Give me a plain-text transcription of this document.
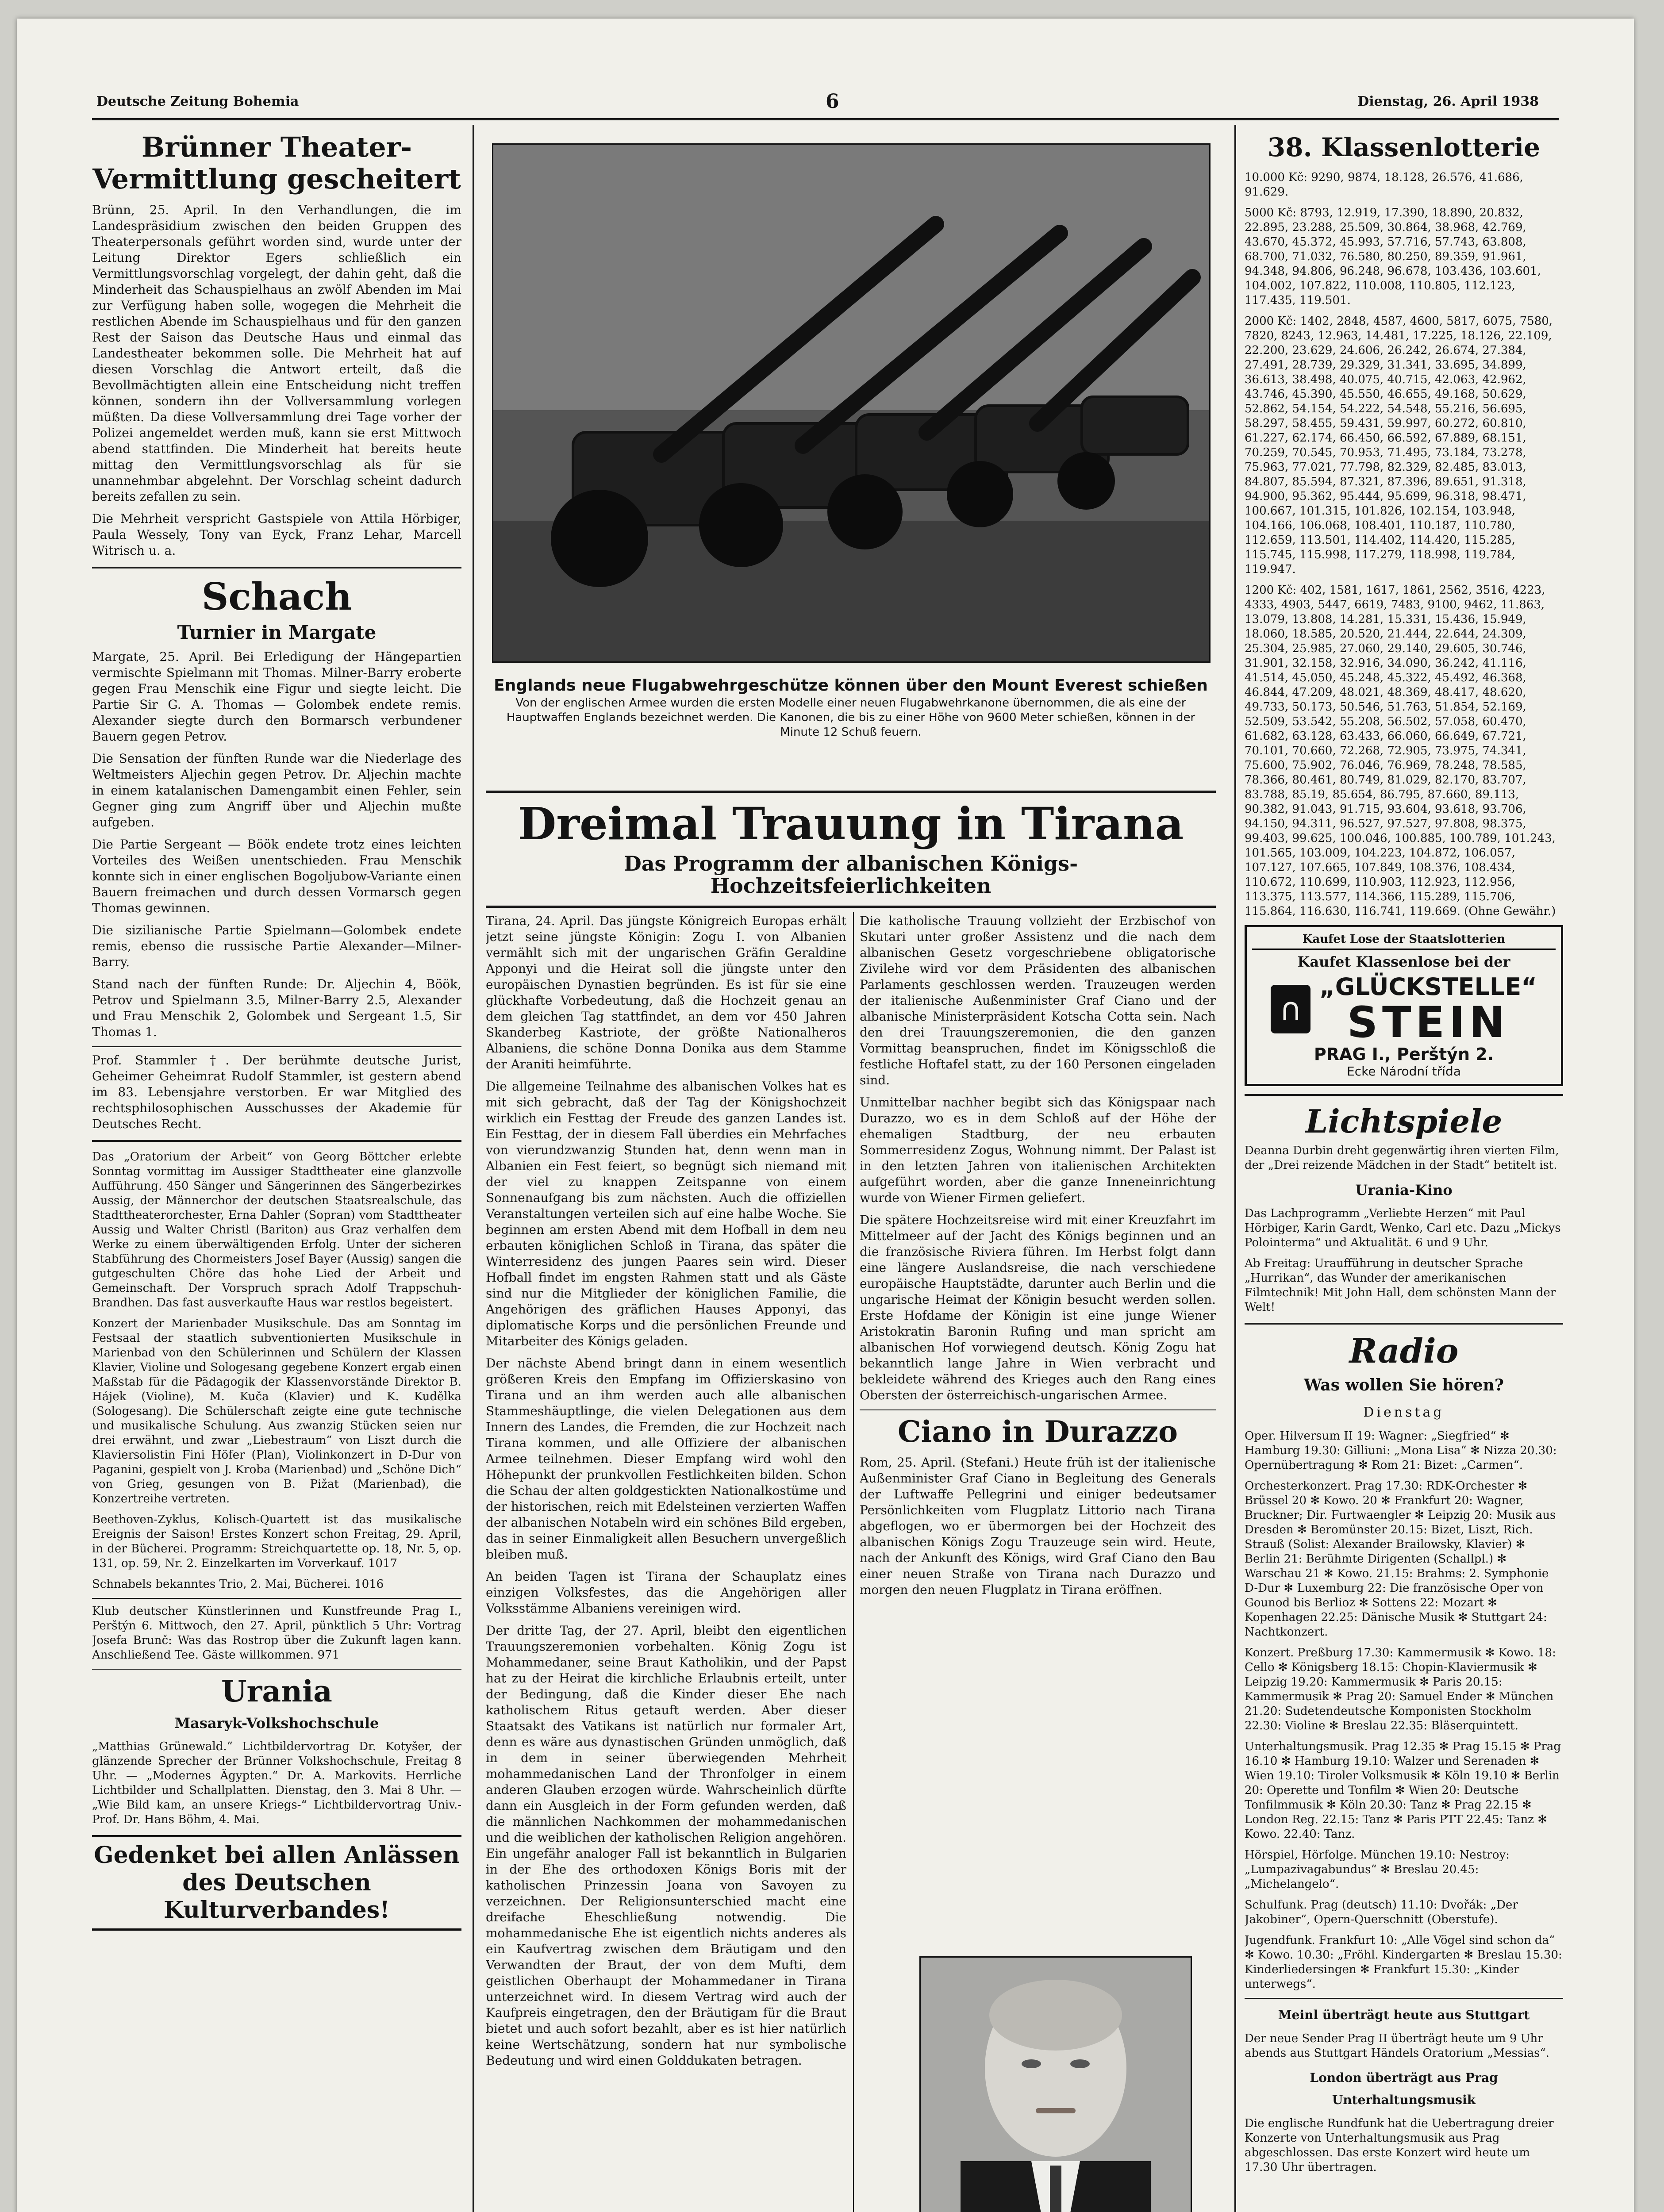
Deutsche Zeitung Bohemia	6	Dienstag, 26. April 1938
Brünner Theater-Vermittlung gescheitert

Brünn, 25. April. In den Verhandlungen, die im Landespräsidium zwischen den beiden Gruppen des Theaterpersonals geführt worden sind, wurde unter der Leitung Direktor Egers schließlich ein Vermittlungsvorschlag vorgelegt, der dahin geht, daß die Minderheit das Schauspielhaus an zwölf Abenden im Mai zur Verfügung haben solle, wogegen die Mehrheit die restlichen Abende im Schauspielhaus und für den ganzen Rest der Saison das Deutsche Haus und einmal das Landestheater bekommen solle. Die Mehrheit hat auf diesen Vorschlag die Antwort erteilt, daß die Bevollmächtigten allein eine Entscheidung nicht treffen können, sondern ihn der Vollversammlung vorlegen müßten. Da diese Vollversammlung drei Tage vorher der Polizei angemeldet werden muß, kann sie erst Mittwoch abend stattfinden. Die Minderheit hat bereits heute mittag den Vermittlungsvorschlag als für sie unannehmbar abgelehnt. Der Vorschlag scheint dadurch bereits zefallen zu sein.

Die Mehrheit verspricht Gastspiele von Attila Hörbiger, Paula Wessely, Tony van Eyck, Franz Lehar, Marcell Witrisch u. a.

Schach
Turnier in Margate

Margate, 25. April. Bei Erledigung der Hängepartien vermischte Spielmann mit Thomas. Milner-Barry eroberte gegen Frau Menschik eine Figur und siegte leicht. Die Partie Sir G. A. Thomas — Golombek endete remis. Alexander siegte durch den Bormarsch verbundener Bauern gegen Petrov.

Die Sensation der fünften Runde war die Niederlage des Weltmeisters Aljechin gegen Petrov. Dr. Aljechin machte in einem katalanischen Damengambit einen Fehler, sein Gegner ging zum Angriff über und Aljechin mußte aufgeben.

Die Partie Sergeant — Böök endete trotz eines leichten Vorteiles des Weißen unentschieden. Frau Menschik konnte sich in einer englischen Bogoljubow-Variante einen Bauern freimachen und durch dessen Vormarsch gegen Thomas gewinnen.

Die sizilianische Partie Spielmann—Golombek endete remis, ebenso die russische Partie Alexander—Milner-Barry.

Stand nach der fünften Runde: Dr. Aljechin 4, Böök, Petrov und Spielmann 3.5, Milner-Barry 2.5, Alexander und Frau Menschik 2, Golombek und Sergeant 1.5, Sir Thomas 1.

Prof. Stammler †. Der berühmte deutsche Jurist, Geheimer Geheimrat Rudolf Stammler, ist gestern abend im 83. Lebensjahre verstorben. Er war Mitglied des rechtsphilosophischen Ausschusses der Akademie für Deutsches Recht.

Das „Oratorium der Arbeit“ von Georg Böttcher erlebte Sonntag vormittag im Aussiger Stadttheater eine glanzvolle Aufführung. 450 Sänger und Sängerinnen des Sängerbezirkes Aussig, der Männerchor der deutschen Staatsrealschule, das Stadttheaterorchester, Erna Dahler (Sopran) vom Stadttheater Aussig und Walter Christl (Bariton) aus Graz verhalfen dem Werke zu einem überwältigenden Erfolg. Unter der sicheren Stabführung des Chormeisters Josef Bayer (Aussig) sangen die gutgeschulten Chöre das hohe Lied der Arbeit und Gemeinschaft. Der Vorspruch sprach Adolf Trappschuh-Brandhen. Das fast ausverkaufte Haus war restlos begeistert.

Konzert der Marienbader Musikschule. Das am Sonntag im Festsaal der staatlich subventionierten Musikschule in Marienbad von den Schülerinnen und Schülern der Klassen Klavier, Violine und Sologesang gegebene Konzert ergab einen Maßstab für die Pädagogik der Klassenvorstände Direktor B. Hájek (Violine), M. Kuča (Klavier) und K. Kudělka (Sologesang). Die Schülerschaft zeigte eine gute technische und musikalische Schulung. Aus zwanzig Stücken seien nur drei erwähnt, und zwar „Liebestraum“ von Liszt durch die Klaviersolistin Fini Höfer (Plan), Violinkonzert in D-Dur von Paganini, gespielt von J. Kroba (Marienbad) und „Schöne Dich“ von Grieg, gesungen von B. Pižat (Marienbad), die Konzertreihe vertreten.

Beethoven-Zyklus, Kolisch-Quartett ist das musikalische Ereignis der Saison! Erstes Konzert schon Freitag, 29. April, in der Bücherei. Programm: Streichquartette op. 18, Nr. 5, op. 131, op. 59, Nr. 2. Einzelkarten im Vorverkauf. 1017

Schnabels bekanntes Trio, 2. Mai, Bücherei. 1016

Klub deutscher Künstlerinnen und Kunstfreunde Prag I., Perštýn 6. Mittwoch, den 27. April, pünktlich 5 Uhr: Vortrag Josefa Brunč: Was das Rostrop über die Zukunft lagen kann. Anschließend Tee. Gäste willkommen. 971

Urania
Masaryk-Volkshochschule

„Matthias Grünewald.“ Lichtbildervortrag Dr. Kotyšer, der glänzende Sprecher der Brünner Volkshochschule, Freitag 8 Uhr. — „Modernes Ägypten.“ Dr. A. Markovits. Herrliche Lichtbilder und Schallplatten. Dienstag, den 3. Mai 8 Uhr. — „Wie Bild kam, an unsere Kriegs-“ Lichtbildervortrag Univ.-Prof. Dr. Hans Böhm, 4. Mai.

Gedenket bei allen Anlässen des Deutschen Kulturverbandes!

Englands neue Flugabwehrgeschütze können über den Mount Everest schießen

Von der englischen Armee wurden die ersten Modelle einer neuen Flugabwehrkanone übernommen, die als eine der Hauptwaffen Englands bezeichnet werden. Die Kanonen, die bis zu einer Höhe von 9600 Meter schießen, können in der Minute 12 Schuß feuern.

Dreimal Trauung in Tirana
Das Programm der albanischen Königs-Hochzeitsfeierlichkeiten

Tirana, 24. April. Das jüngste Königreich Europas erhält jetzt seine jüngste Königin: Zogu I. von Albanien vermählt sich mit der ungarischen Gräfin Geraldine Apponyi und die Heirat soll die jüngste unter den europäischen Dynastien begründen. Es ist für sie eine glückhafte Vorbedeutung, daß die Hochzeit genau an dem gleichen Tag stattfindet, an dem vor 450 Jahren Skanderbeg Kastriote, der größte Nationalheros Albaniens, die schöne Donna Donika aus dem Stamme der Araniti heimführte.

Die allgemeine Teilnahme des albanischen Volkes hat es mit sich gebracht, daß der Tag der Königshochzeit wirklich ein Festtag der Freude des ganzen Landes ist. Ein Festtag, der in diesem Fall überdies ein Mehrfaches von vierundzwanzig Stunden hat, denn wenn man in Albanien ein Fest feiert, so begnügt sich niemand mit der viel zu knappen Zeitspanne von einem Sonnenaufgang bis zum nächsten. Auch die offiziellen Veranstaltungen verteilen sich auf eine halbe Woche. Sie beginnen am ersten Abend mit dem Hofball in dem neu erbauten königlichen Schloß in Tirana, das später die Winterresidenz des jungen Paares sein wird. Dieser Hofball findet im engsten Rahmen statt und als Gäste sind nur die Mitglieder der königlichen Familie, die Angehörigen des gräflichen Hauses Apponyi, das diplomatische Korps und die persönlichen Freunde und Mitarbeiter des Königs geladen.

Der nächste Abend bringt dann in einem wesentlich größeren Kreis den Empfang im Offizierskasino von Tirana und an ihm werden auch alle albanischen Stammeshäuptlinge, die vielen Delegationen aus dem Innern des Landes, die Fremden, die zur Hochzeit nach Tirana kommen, und alle Offiziere der albanischen Armee teilnehmen. Dieser Empfang wird wohl den Höhepunkt der prunkvollen Festlichkeiten bilden. Schon die Schau der alten goldgestickten Nationalkostüme und der historischen, reich mit Edelsteinen verzierten Waffen der albanischen Notabeln wird ein schönes Bild ergeben, das in seiner Einmaligkeit allen Besuchern unvergeßlich bleiben muß.

An beiden Tagen ist Tirana der Schauplatz eines einzigen Volksfestes, das die Angehörigen aller Volksstämme Albaniens vereinigen wird.

Der dritte Tag, der 27. April, bleibt den eigentlichen Trauungszeremonien vorbehalten. König Zogu ist Mohammedaner, seine Braut Katholikin, und der Papst hat zu der Heirat die kirchliche Erlaubnis erteilt, unter der Bedingung, daß die Kinder dieser Ehe nach katholischem Ritus getauft werden. Aber dieser Staatsakt des Vatikans ist natürlich nur formaler Art, denn es wäre aus dynastischen Gründen unmöglich, daß in dem in seiner überwiegenden Mehrheit mohammedanischen Land der Thronfolger in einem anderen Glauben erzogen würde. Wahrscheinlich dürfte dann ein Ausgleich in der Form gefunden werden, daß die männlichen Nachkommen der mohammedanischen und die weiblichen der katholischen Religion angehören. Ein ungefähr analoger Fall ist bekanntlich in Bulgarien in der Ehe des orthodoxen Königs Boris mit der katholischen Prinzessin Joana von Savoyen zu verzeichnen. Der Religionsunterschied macht eine dreifache Eheschließung notwendig. Die mohammedanische Ehe ist eigentlich nichts anderes als ein Kaufvertrag zwischen dem Bräutigam und den Verwandten der Braut, der von dem Mufti, dem geistlichen Oberhaupt der Mohammedaner in Tirana unterzeichnet wird. In diesem Vertrag wird auch der Kaufpreis eingetragen, den der Bräutigam für die Braut bietet und auch sofort bezahlt, aber es ist hier natürlich keine Wertschätzung, sondern hat nur symbolische Bedeutung und wird einen Golddukaten betragen.

Die katholische Trauung vollzieht der Erzbischof von Skutari unter großer Assistenz und die nach dem albanischen Gesetz vorgeschriebene obligatorische Zivilehe wird vor dem Präsidenten des albanischen Parlaments geschlossen werden. Trauzeugen werden der italienische Außenminister Graf Ciano und der albanische Ministerpräsident Kotscha Cotta sein. Nach den drei Trauungszeremonien, die den ganzen Vormittag beanspruchen, findet im Königsschloß die festliche Hoftafel statt, zu der 160 Personen eingeladen sind.

Unmittelbar nachher begibt sich das Königspaar nach Durazzo, wo es in dem Schloß auf der Höhe der ehemaligen Stadtburg, der neu erbauten Sommerresidenz Zogus, Wohnung nimmt. Der Palast ist in den letzten Jahren von italienischen Architekten aufgeführt worden, aber die ganze Inneneinrichtung wurde von Wiener Firmen geliefert.

Die spätere Hochzeitsreise wird mit einer Kreuzfahrt im Mittelmeer auf der Jacht des Königs beginnen und an die französische Riviera führen. Im Herbst folgt dann eine längere Auslandsreise, die nach verschiedene europäische Hauptstädte, darunter auch Berlin und die ungarische Heimat der Königin besucht werden sollen. Erste Hofdame der Königin ist eine junge Wiener Aristokratin Baronin Rufing und man spricht am albanischen Hof vorwiegend deutsch. König Zogu hat bekanntlich lange Jahre in Wien verbracht und bekleidete während des Krieges auch den Rang eines Obersten der österreichisch-ungarischen Armee.

Ciano in Durazzo

Rom, 25. April. (Stefani.) Heute früh ist der italienische Außenminister Graf Ciano in Begleitung des Generals der Luftwaffe Pellegrini und einiger bedeutsamer Persönlichkeiten vom Flugplatz Littorio nach Tirana abgeflogen, wo er übermorgen bei der Hochzeit des albanischen Königs Zogu Trauzeuge sein wird. Heute, nach der Ankunft des Königs, wird Graf Ciano den Bau einer neuen Straße von Tirana nach Durazzo und morgen den neuen Flugplatz in Tirana eröffnen.

38. Klassenlotterie

10.000 Kč: 9290, 9874, 18.128, 26.576, 41.686, 91.629.

5000 Kč: 8793, 12.919, 17.390, 18.890, 20.832, 22.895, 23.288, 25.509, 30.864, 38.968, 42.769, 43.670, 45.372, 45.993, 57.716, 57.743, 63.808, 68.700, 71.032, 76.580, 80.250, 89.359, 91.961, 94.348, 94.806, 96.248, 96.678, 103.436, 103.601, 104.002, 107.822, 110.008, 110.805, 112.123, 117.435, 119.501.

2000 Kč: 1402, 2848, 4587, 4600, 5817, 6075, 7580, 7820, 8243, 12.963, 14.481, 17.225, 18.126, 22.109, 22.200, 23.629, 24.606, 26.242, 26.674, 27.384, 27.491, 28.739, 29.329, 31.341, 33.695, 34.899, 36.613, 38.498, 40.075, 40.715, 42.063, 42.962, 43.746, 45.390, 45.550, 46.655, 49.168, 50.629, 52.862, 54.154, 54.222, 54.548, 55.216, 56.695, 58.297, 58.455, 59.431, 59.997, 60.272, 60.810, 61.227, 62.174, 66.450, 66.592, 67.889, 68.151, 70.259, 70.545, 70.953, 71.495, 73.184, 73.278, 75.963, 77.021, 77.798, 82.329, 82.485, 83.013, 84.807, 85.594, 87.321, 87.396, 89.651, 91.318, 94.900, 95.362, 95.444, 95.699, 96.318, 98.471, 100.667, 101.315, 101.826, 102.154, 103.948, 104.166, 106.068, 108.401, 110.187, 110.780, 112.659, 113.501, 114.402, 114.420, 115.285, 115.745, 115.998, 117.279, 118.998, 119.784, 119.947.

1200 Kč: 402, 1581, 1617, 1861, 2562, 3516, 4223, 4333, 4903, 5447, 6619, 7483, 9100, 9462, 11.863, 13.079, 13.808, 14.281, 15.331, 15.436, 15.949, 18.060, 18.585, 20.520, 21.444, 22.644, 24.309, 25.304, 25.985, 27.060, 29.140, 29.605, 30.746, 31.901, 32.158, 32.916, 34.090, 36.242, 41.116, 41.514, 45.050, 45.248, 45.322, 45.492, 46.368, 46.844, 47.209, 48.021, 48.369, 48.417, 48.620, 49.733, 50.173, 50.546, 51.763, 51.854, 52.169, 52.509, 53.542, 55.208, 56.502, 57.058, 60.470, 61.682, 63.128, 63.433, 66.060, 66.649, 67.721, 70.101, 70.660, 72.268, 72.905, 73.975, 74.341, 75.600, 75.902, 76.046, 76.969, 78.248, 78.585, 78.366, 80.461, 80.749, 81.029, 82.170, 83.707, 83.788, 85.19, 85.654, 86.795, 87.660, 89.113, 90.382, 91.043, 91.715, 93.604, 93.618, 93.706, 94.150, 94.311, 96.527, 97.527, 97.808, 98.375, 99.403, 99.625, 100.046, 100.885, 100.789, 101.243, 101.565, 103.009, 104.223, 104.872, 106.057, 107.127, 107.665, 107.849, 108.376, 108.434, 110.672, 110.699, 110.903, 112.923, 112.956, 113.375, 113.577, 114.366, 115.289, 115.706, 115.864, 116.630, 116.741, 119.669. (Ohne Gewähr.)

Kaufet Lose der Staatslotterien
Kaufet Klassenlose bei der
∩
„GLÜCKSTELLE“
STEIN
PRAG I., Perštýn 2.
Ecke Národní třída
Lichtspiele

Deanna Durbin dreht gegenwärtig ihren vierten Film, der „Drei reizende Mädchen in der Stadt“ betitelt ist.

Urania-Kino

Das Lachprogramm „Verliebte Herzen“ mit Paul Hörbiger, Karin Gardt, Wenko, Carl etc. Dazu „Mickys Polointerma“ und Aktualität. 6 und 9 Uhr.

Ab Freitag: Uraufführung in deutscher Sprache „Hurrikan“, das Wunder der amerikanischen Filmtechnik! Mit John Hall, dem schönsten Mann der Welt!

Radio
Was wollen Sie hören?
Dienstag

Oper. Hilversum II 19: Wagner: „Siegfried“ ✻ Hamburg 19.30: Gilliuni: „Mona Lisa“ ✻ Nizza 20.30: Opernübertragung ✻ Rom 21: Bizet: „Carmen“.

Orchesterkonzert. Prag 17.30: RDK-Orchester ✻ Brüssel 20 ✻ Kowo. 20 ✻ Frankfurt 20: Wagner, Bruckner; Dir. Furtwaengler ✻ Leipzig 20: Musik aus Dresden ✻ Beromünster 20.15: Bizet, Liszt, Rich. Strauß (Solist: Alexander Brailowsky, Klavier) ✻ Berlin 21: Berühmte Dirigenten (Schallpl.) ✻ Warschau 21 ✻ Kowo. 21.15: Brahms: 2. Symphonie D-Dur ✻ Luxemburg 22: Die französische Oper von Gounod bis Berlioz ✻ Sottens 22: Mozart ✻ Kopenhagen 22.25: Dänische Musik ✻ Stuttgart 24: Nachtkonzert.

Konzert. Preßburg 17.30: Kammermusik ✻ Kowo. 18: Cello ✻ Königsberg 18.15: Chopin-Klaviermusik ✻ Leipzig 19.20: Kammermusik ✻ Paris 20.15: Kammermusik ✻ Prag 20: Samuel Ender ✻ München 21.20: Sudetendeutsche Komponisten Stockholm 22.30: Violine ✻ Breslau 22.35: Bläserquintett.

Unterhaltungsmusik. Prag 12.35 ✻ Prag 15.15 ✻ Prag 16.10 ✻ Hamburg 19.10: Walzer und Serenaden ✻ Wien 19.10: Tiroler Volksmusik ✻ Köln 19.10 ✻ Berlin 20: Operette und Tonfilm ✻ Wien 20: Deutsche Tonfilmmusik ✻ Köln 20.30: Tanz ✻ Prag 22.15 ✻ London Reg. 22.15: Tanz ✻ Paris PTT 22.45: Tanz ✻ Kowo. 22.40: Tanz.

Hörspiel, Hörfolge. München 19.10: Nestroy: „Lumpazivagabundus“ ✻ Breslau 20.45: „Michelangelo“.

Schulfunk. Prag (deutsch) 11.10: Dvořák: „Der Jakobiner“, Opern-Querschnitt (Oberstufe).

Jugendfunk. Frankfurt 10: „Alle Vögel sind schon da“ ✻ Kowo. 10.30: „Fröhl. Kindergarten ✻ Breslau 15.30: Kinderliedersingen ✻ Frankfurt 15.30: „Kinder unterwegs“.

Meinl überträgt heute aus Stuttgart

Der neue Sender Prag II überträgt heute um 9 Uhr abends aus Stuttgart Händels Oratorium „Messias“.

London überträgt aus Prag Unterhaltungsmusik

Die englische Rundfunk hat die Uebertragung dreier Konzerte von Unterhaltungsmusik aus Prag abgeschlossen. Das erste Konzert wird heute um 17.30 Uhr übertragen.
